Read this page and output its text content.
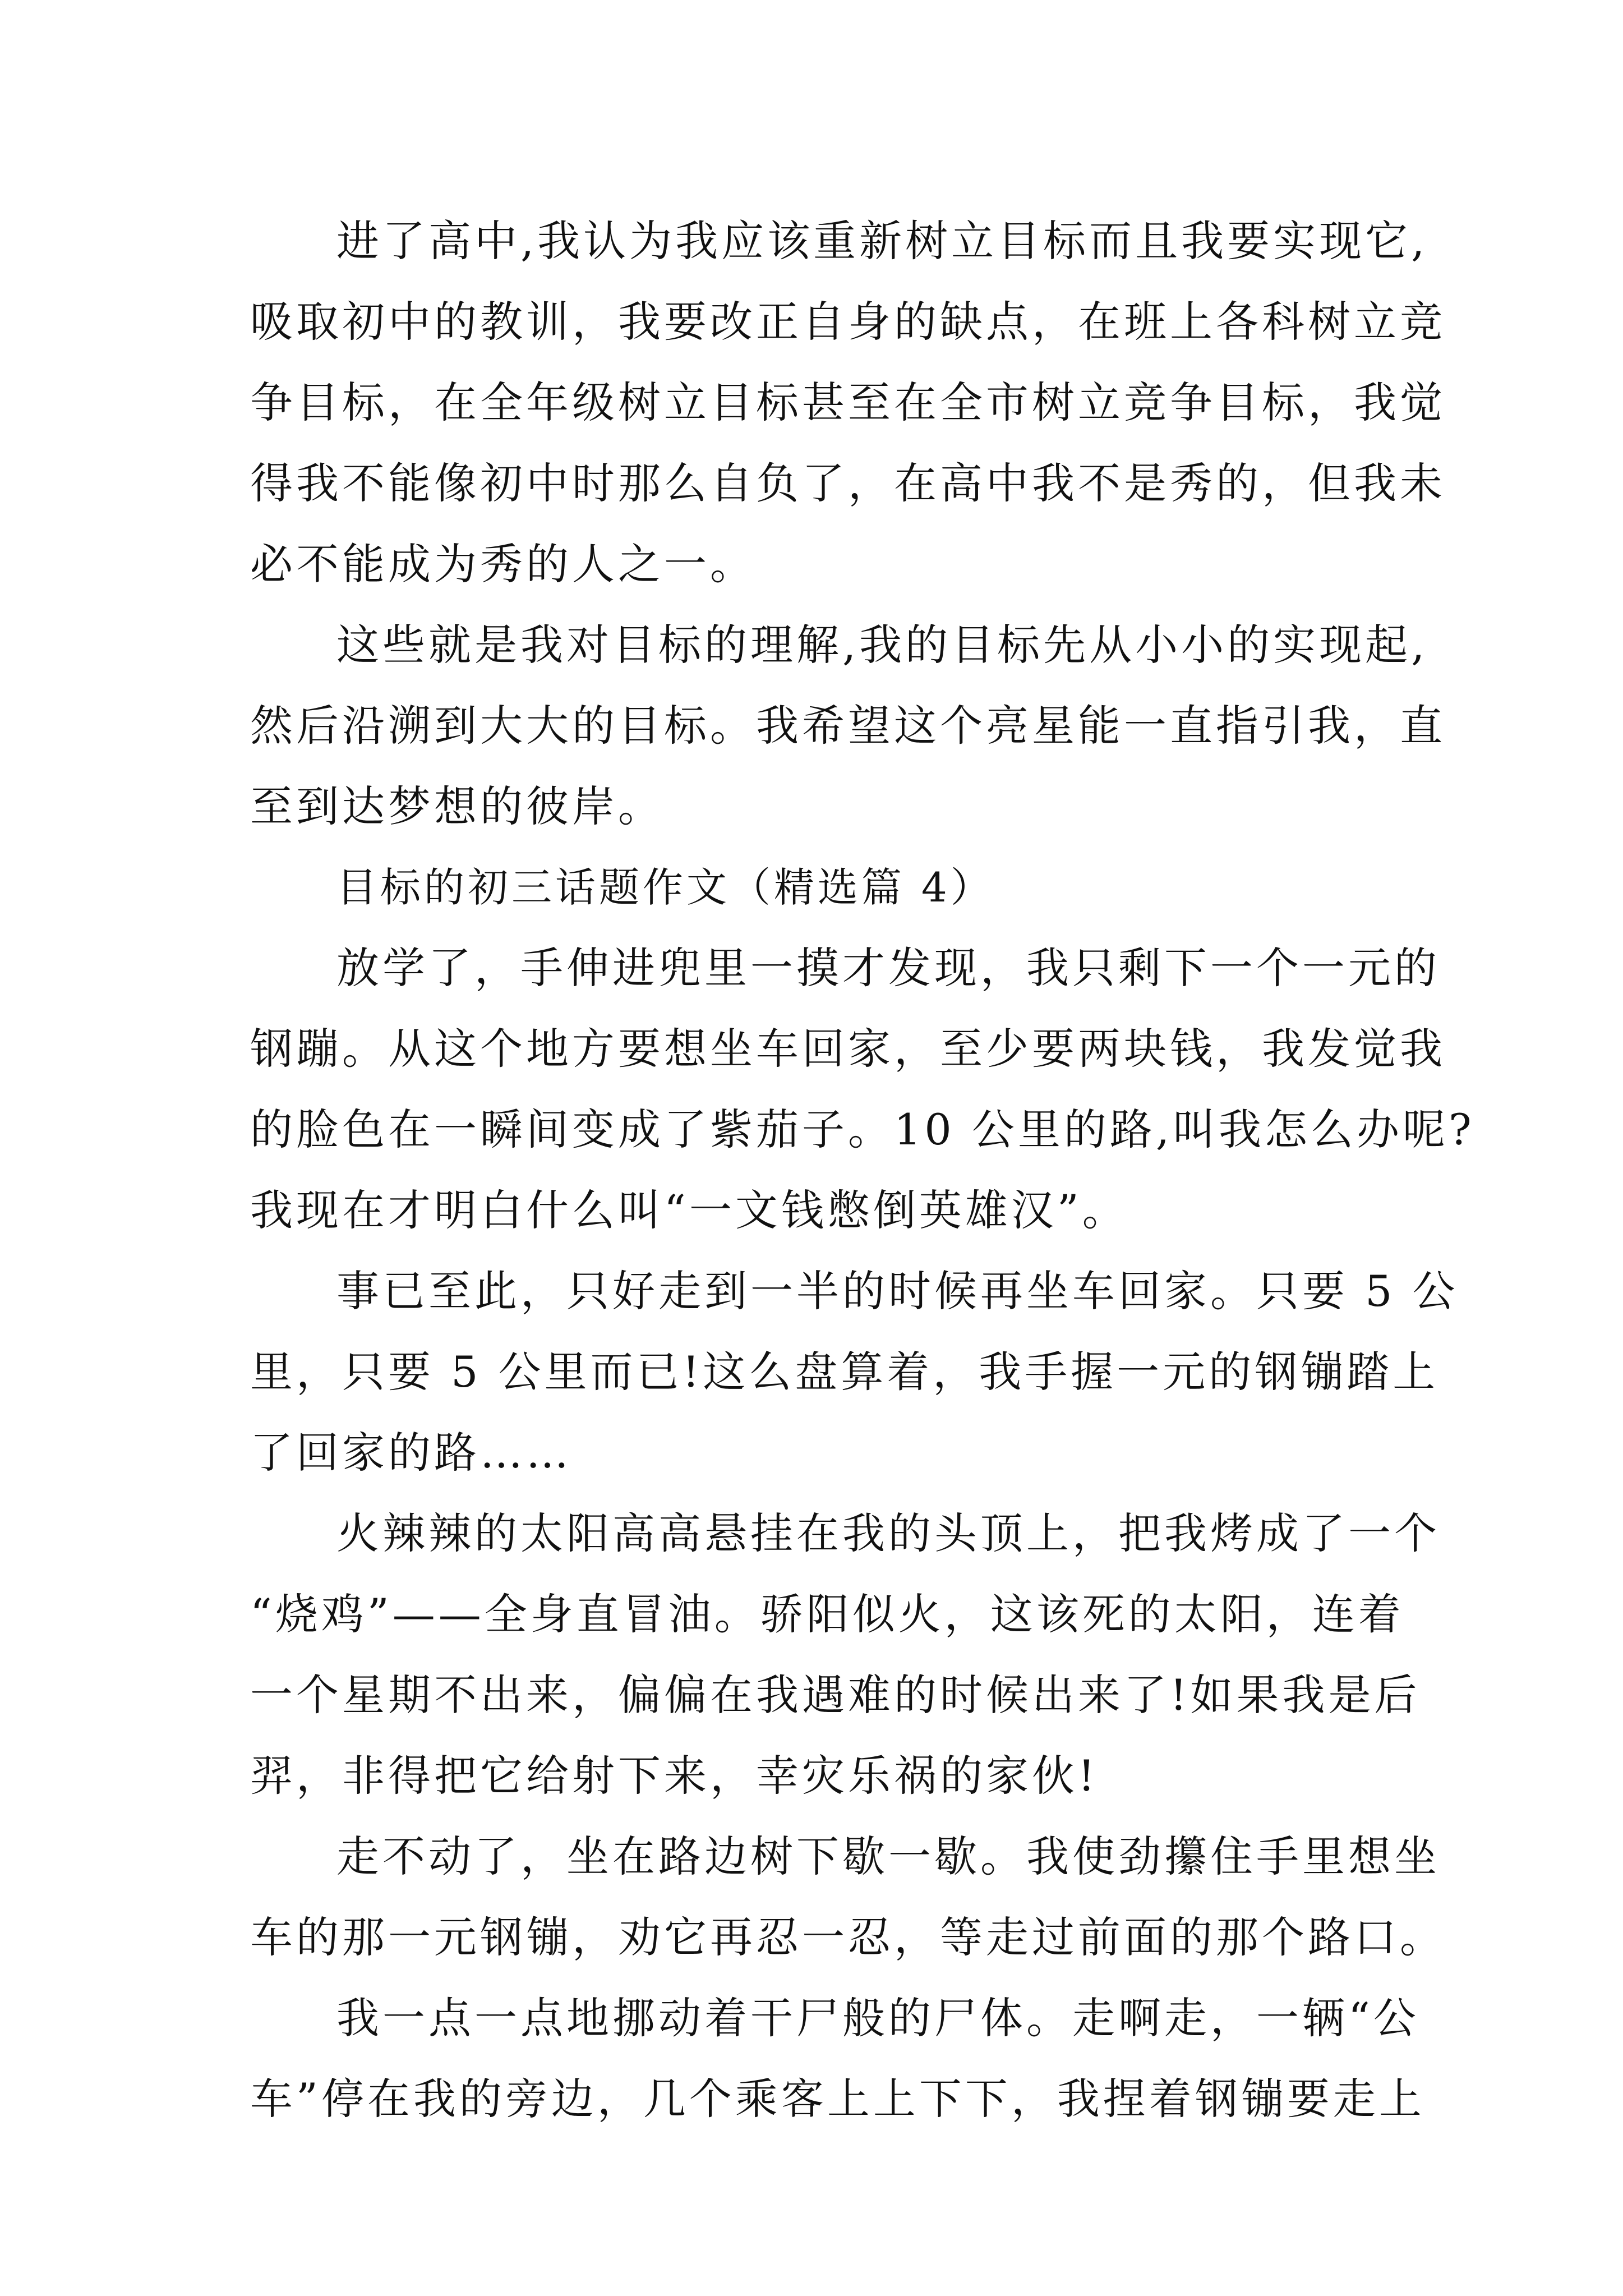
进了高中,我认为我应该重新树立目标而且我要实现它,
吸取初中的教训，我要改正自身的缺点，在班上各科树立竞
争目标，在全年级树立目标甚至在全市树立竞争目标，我觉
得我不能像初中时那么自负了，在高中我不是秀的，但我未
必不能成为秀的人之一。
这些就是我对目标的理解,我的目标先从小小的实现起,
然后沿溯到大大的目标。我希望这个亮星能一直指引我，直
至到达梦想的彼岸。
目标的初三话题作文（精选篇 4）
放学了，手伸进兜里一摸才发现，我只剩下一个一元的
钢蹦。从这个地方要想坐车回家，至少要两块钱，我发觉我
的脸色在一瞬间变成了紫茄子。10 公里的路,叫我怎么办呢?
我现在才明白什么叫“一文钱憋倒英雄汉”。
事已至此，只好走到一半的时候再坐车回家。只要 5 公
里，只要 5 公里而已!这么盘算着，我手握一元的钢镚踏上
了回家的路……
火辣辣的太阳高高悬挂在我的头顶上，把我烤成了一个
“烧鸡”——全身直冒油。骄阳似火，这该死的太阳，连着
一个星期不出来，偏偏在我遇难的时候出来了!如果我是后
羿，非得把它给射下来，幸灾乐祸的家伙!
走不动了，坐在路边树下歇一歇。我使劲攥住手里想坐
车的那一元钢镚，劝它再忍一忍，等走过前面的那个路口。
我一点一点地挪动着干尸般的尸体。走啊走，一辆“公
车”停在我的旁边，几个乘客上上下下，我捏着钢镚要走上
